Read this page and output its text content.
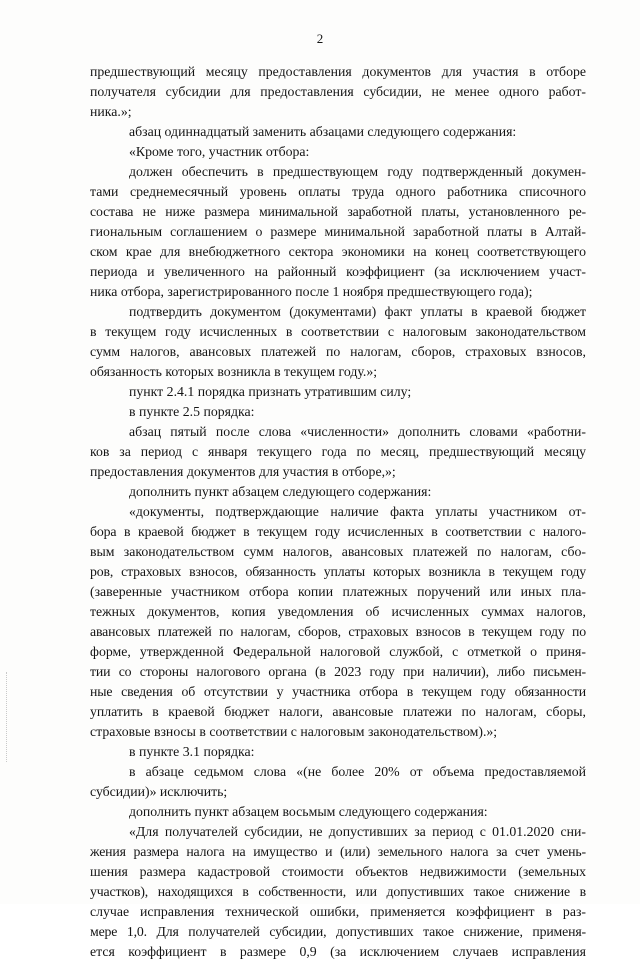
2
предшествующий месяцу предоставления документов для участия в отборе
получателя субсидии для предоставления субсидии, не менее одного работ-
ника.»;
абзац одиннадцатый заменить абзацами следующего содержания:
«Кроме того, участник отбора:
должен обеспечить в предшествующем году подтвержденный докумен-
тами среднемесячный уровень оплаты труда одного работника списочного
состава не ниже размера минимальной заработной платы, установленного ре-
гиональным соглашением о размере минимальной заработной платы в Алтай-
ском крае для внебюджетного сектора экономики на конец соответствующего
периода и увеличенного на районный коэффициент (за исключением участ-
ника отбора, зарегистрированного после 1 ноября предшествующего года);
подтвердить документом (документами) факт уплаты в краевой бюджет
в текущем году исчисленных в соответствии с налоговым законодательством
сумм налогов, авансовых платежей по налогам, сборов, страховых взносов,
обязанность которых возникла в текущем году.»;
пункт 2.4.1 порядка признать утратившим силу;
в пункте 2.5 порядка:
абзац пятый после слова «численности» дополнить словами «работни-
ков за период с января текущего года по месяц, предшествующий месяцу
предоставления документов для участия в отборе,»;
дополнить пункт абзацем следующего содержания:
«документы, подтверждающие наличие факта уплаты участником от-
бора в краевой бюджет в текущем году исчисленных в соответствии с налого-
вым законодательством сумм налогов, авансовых платежей по налогам, сбо-
ров, страховых взносов, обязанность уплаты которых возникла в текущем году
(заверенные участником отбора копии платежных поручений или иных пла-
тежных документов, копия уведомления об исчисленных суммах налогов,
авансовых платежей по налогам, сборов, страховых взносов в текущем году по
форме, утвержденной Федеральной налоговой службой, с отметкой о приня-
тии со стороны налогового органа (в 2023 году при наличии), либо письмен-
ные сведения об отсутствии у участника отбора в текущем году обязанности
уплатить в краевой бюджет налоги, авансовые платежи по налогам, сборы,
страховые взносы в соответствии с налоговым законодательством).»;
в пункте 3.1 порядка:
в абзаце седьмом слова «(не более 20% от объема предоставляемой
субсидии)» исключить;
дополнить пункт абзацем восьмым следующего содержания:
«Для получателей субсидии, не допустивших за период с 01.01.2020 сни-
жения размера налога на имущество и (или) земельного налога за счет умень-
шения размера кадастровой стоимости объектов недвижимости (земельных
участков), находящихся в собственности, или допустивших такое снижение в
случае исправления технической ошибки, применяется коэффициент в раз-
мере 1,0. Для получателей субсидии, допустивших такое снижение, применя-
ется коэффициент в размере 0,9 (за исключением случаев исправления
